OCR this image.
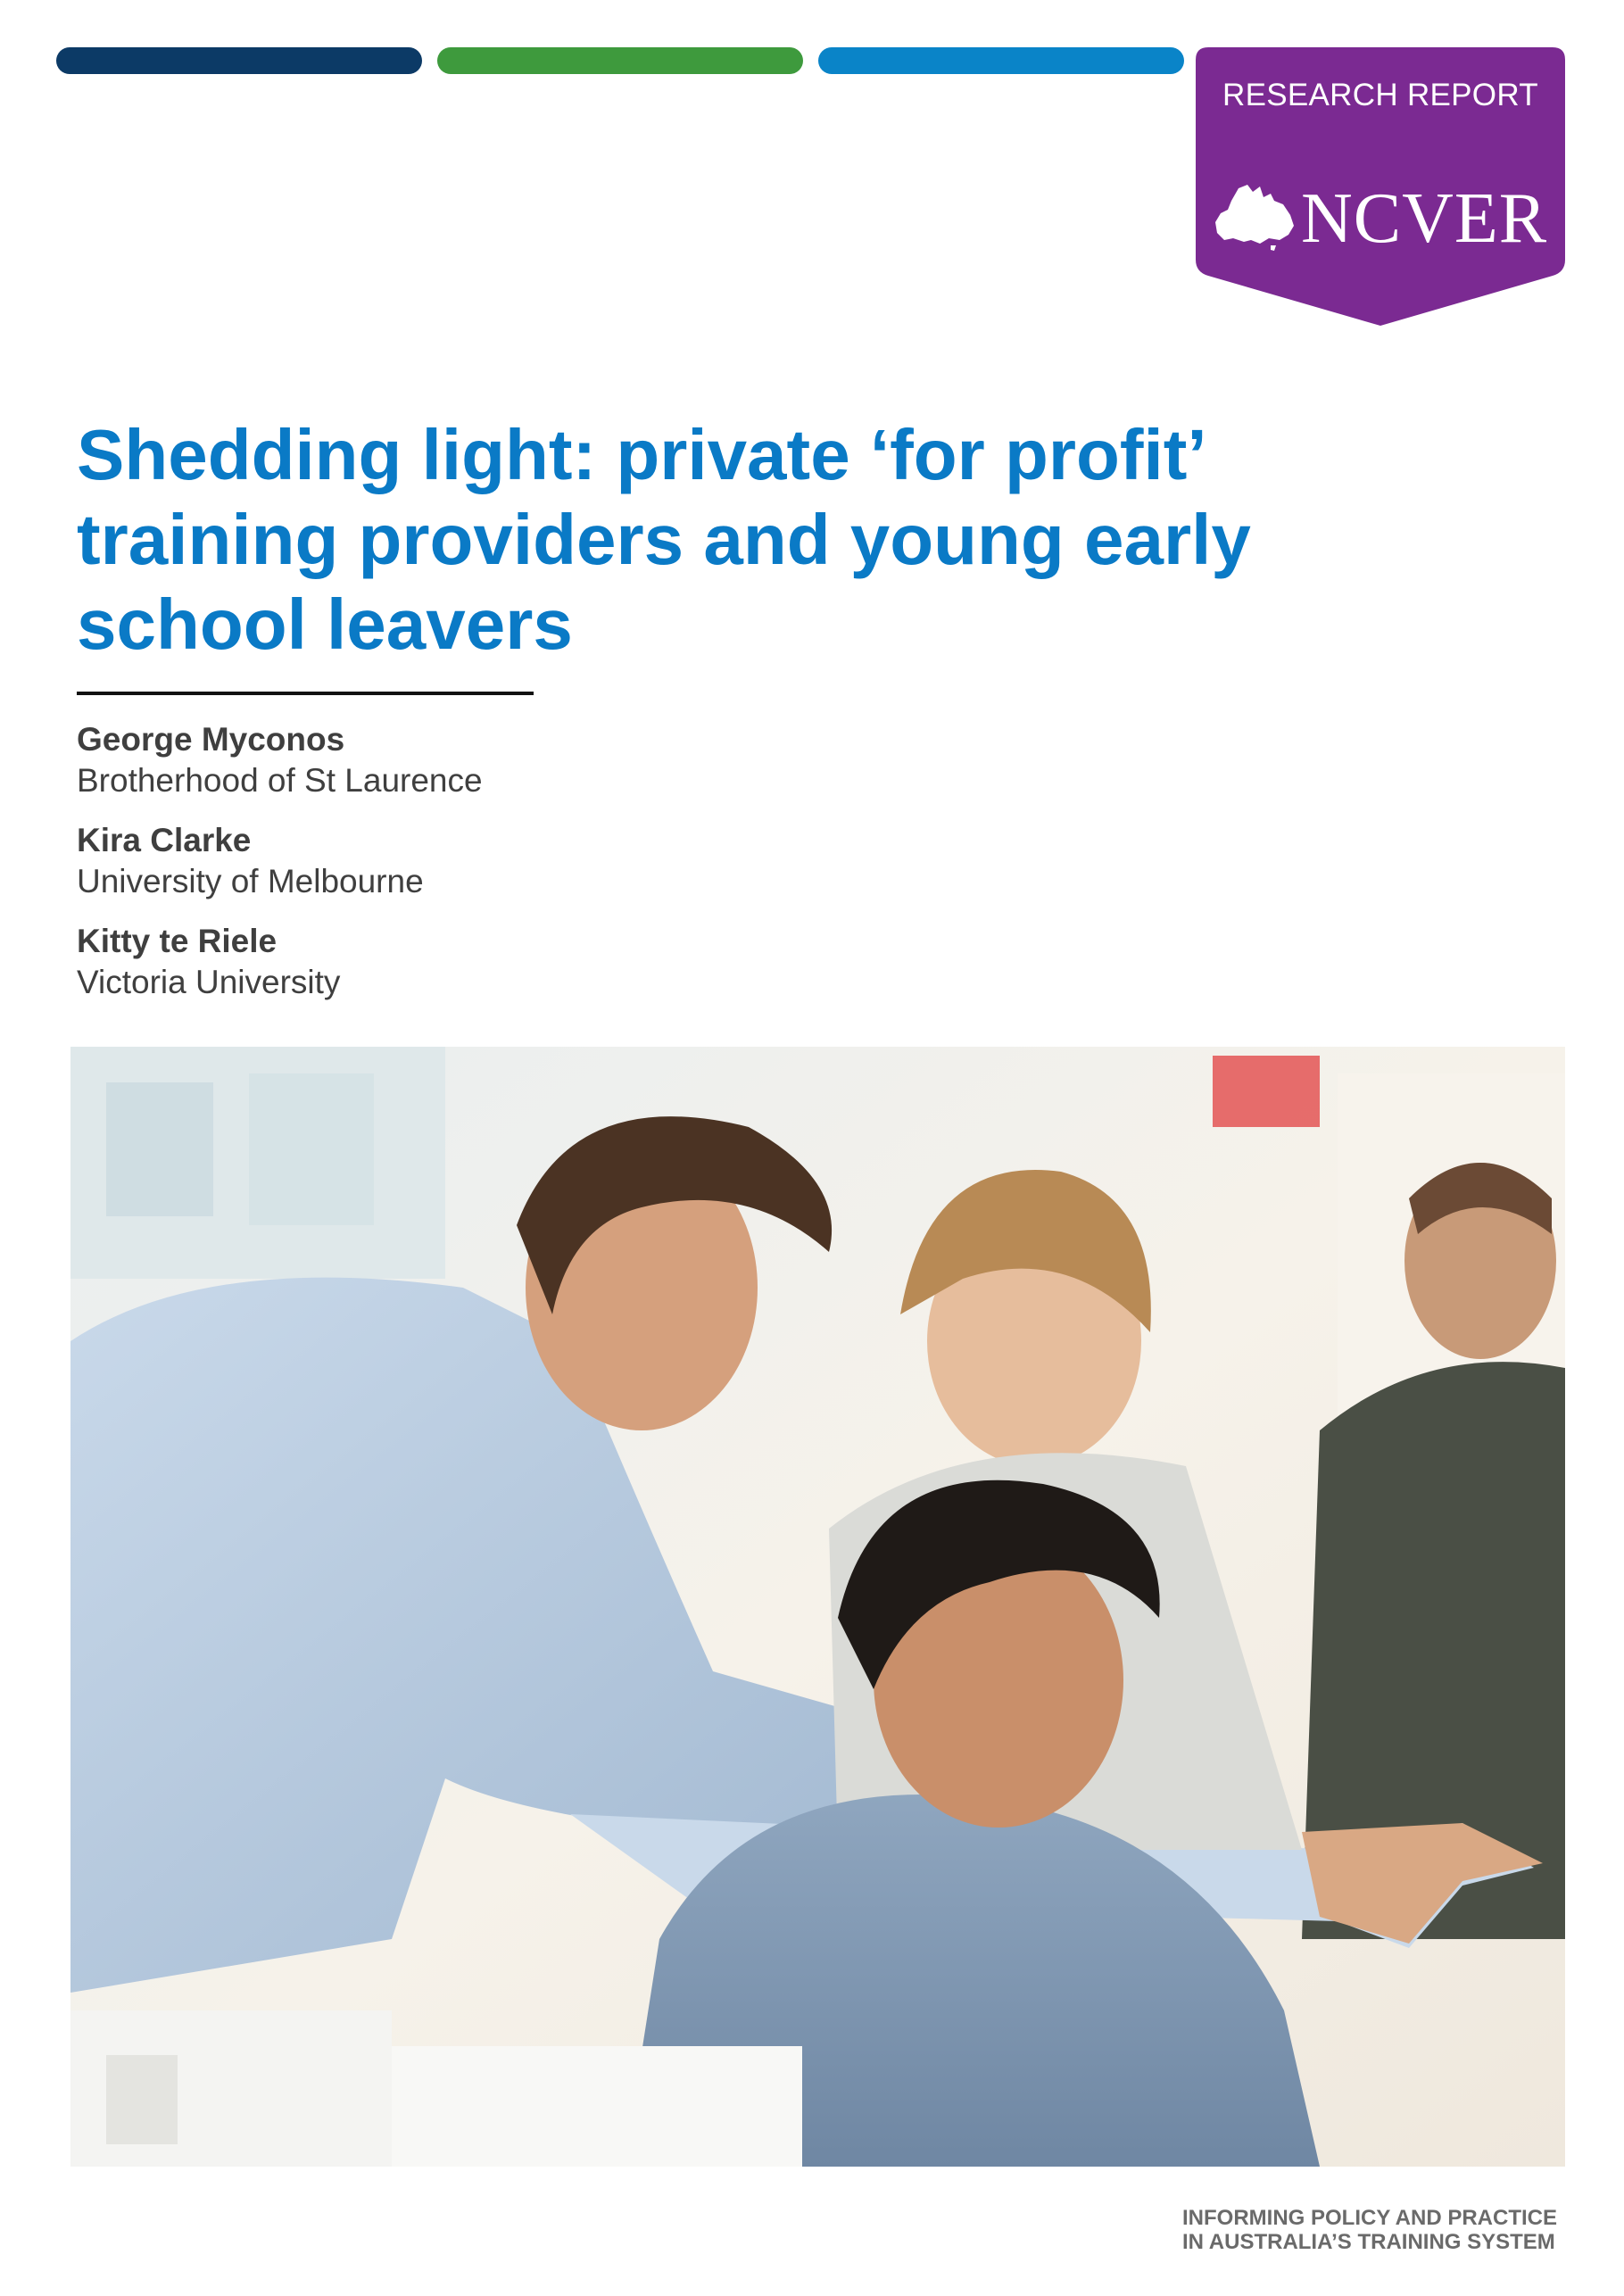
RESEARCH REPORT
NCVER
Shedding light: private ‘for profit’
training providers and young early
school leavers
George Myconos
Brotherhood of St Laurence
Kira Clarke
University of Melbourne
Kitty te Riele
Victoria University
INFORMING POLICY AND PRACTICE
IN AUSTRALIA’S TRAINING SYSTEM
